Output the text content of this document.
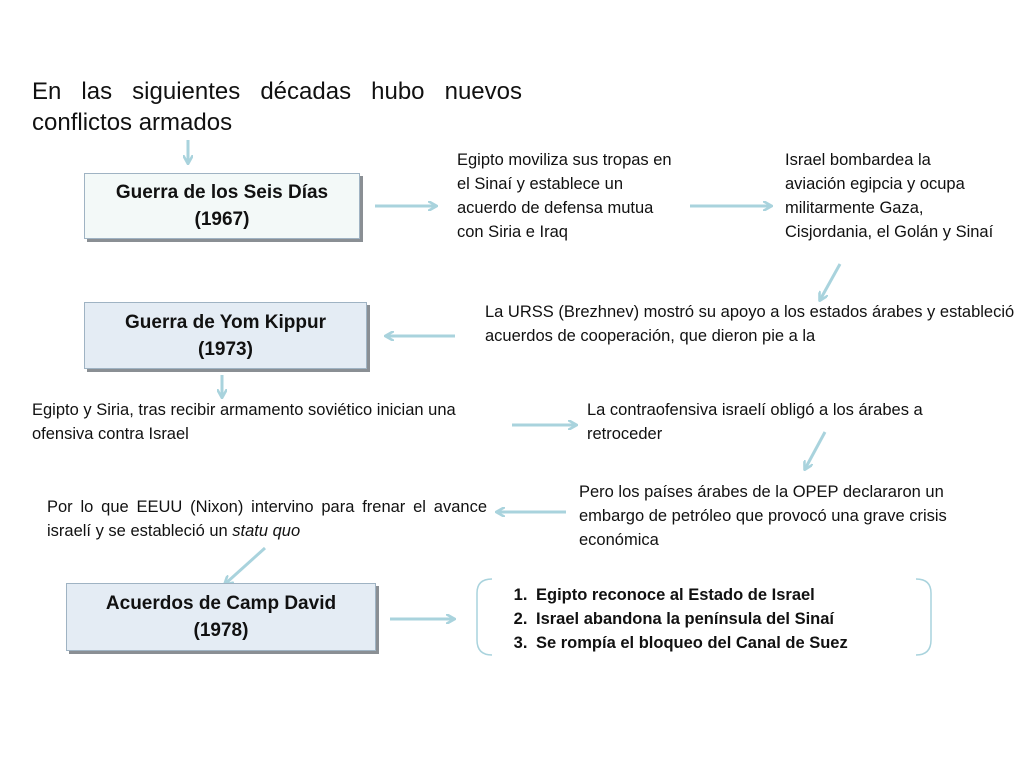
En las siguientes décadas hubo nuevos conflictos armados
Guerra de los Seis Días
(1967)
Guerra de Yom Kippur
(1973)
Acuerdos de Camp David
(1978)
Egipto moviliza sus tropas en el Sinaí y establece un acuerdo de defensa mutua con Siria e Iraq
Israel bombardea la aviación egipcia y ocupa militarmente Gaza, Cisjordania, el Golán y Sinaí
La URSS (Brezhnev) mostró su apoyo a los estados árabes y estableció acuerdos de cooperación, que dieron pie a la
Egipto y Siria, tras recibir armamento soviético inician una ofensiva contra Israel
La contraofensiva israelí obligó a los árabes a retroceder
Pero los países árabes de la OPEP declararon un embargo de petróleo que provocó una grave crisis económica
Por lo que EEUU (Nixon) intervino para frenar el avance israelí y se estableció un statu quo
1. Egipto reconoce al Estado de Israel
2. Israel abandona la península del Sinaí
3. Se rompía el bloqueo del Canal de Suez
